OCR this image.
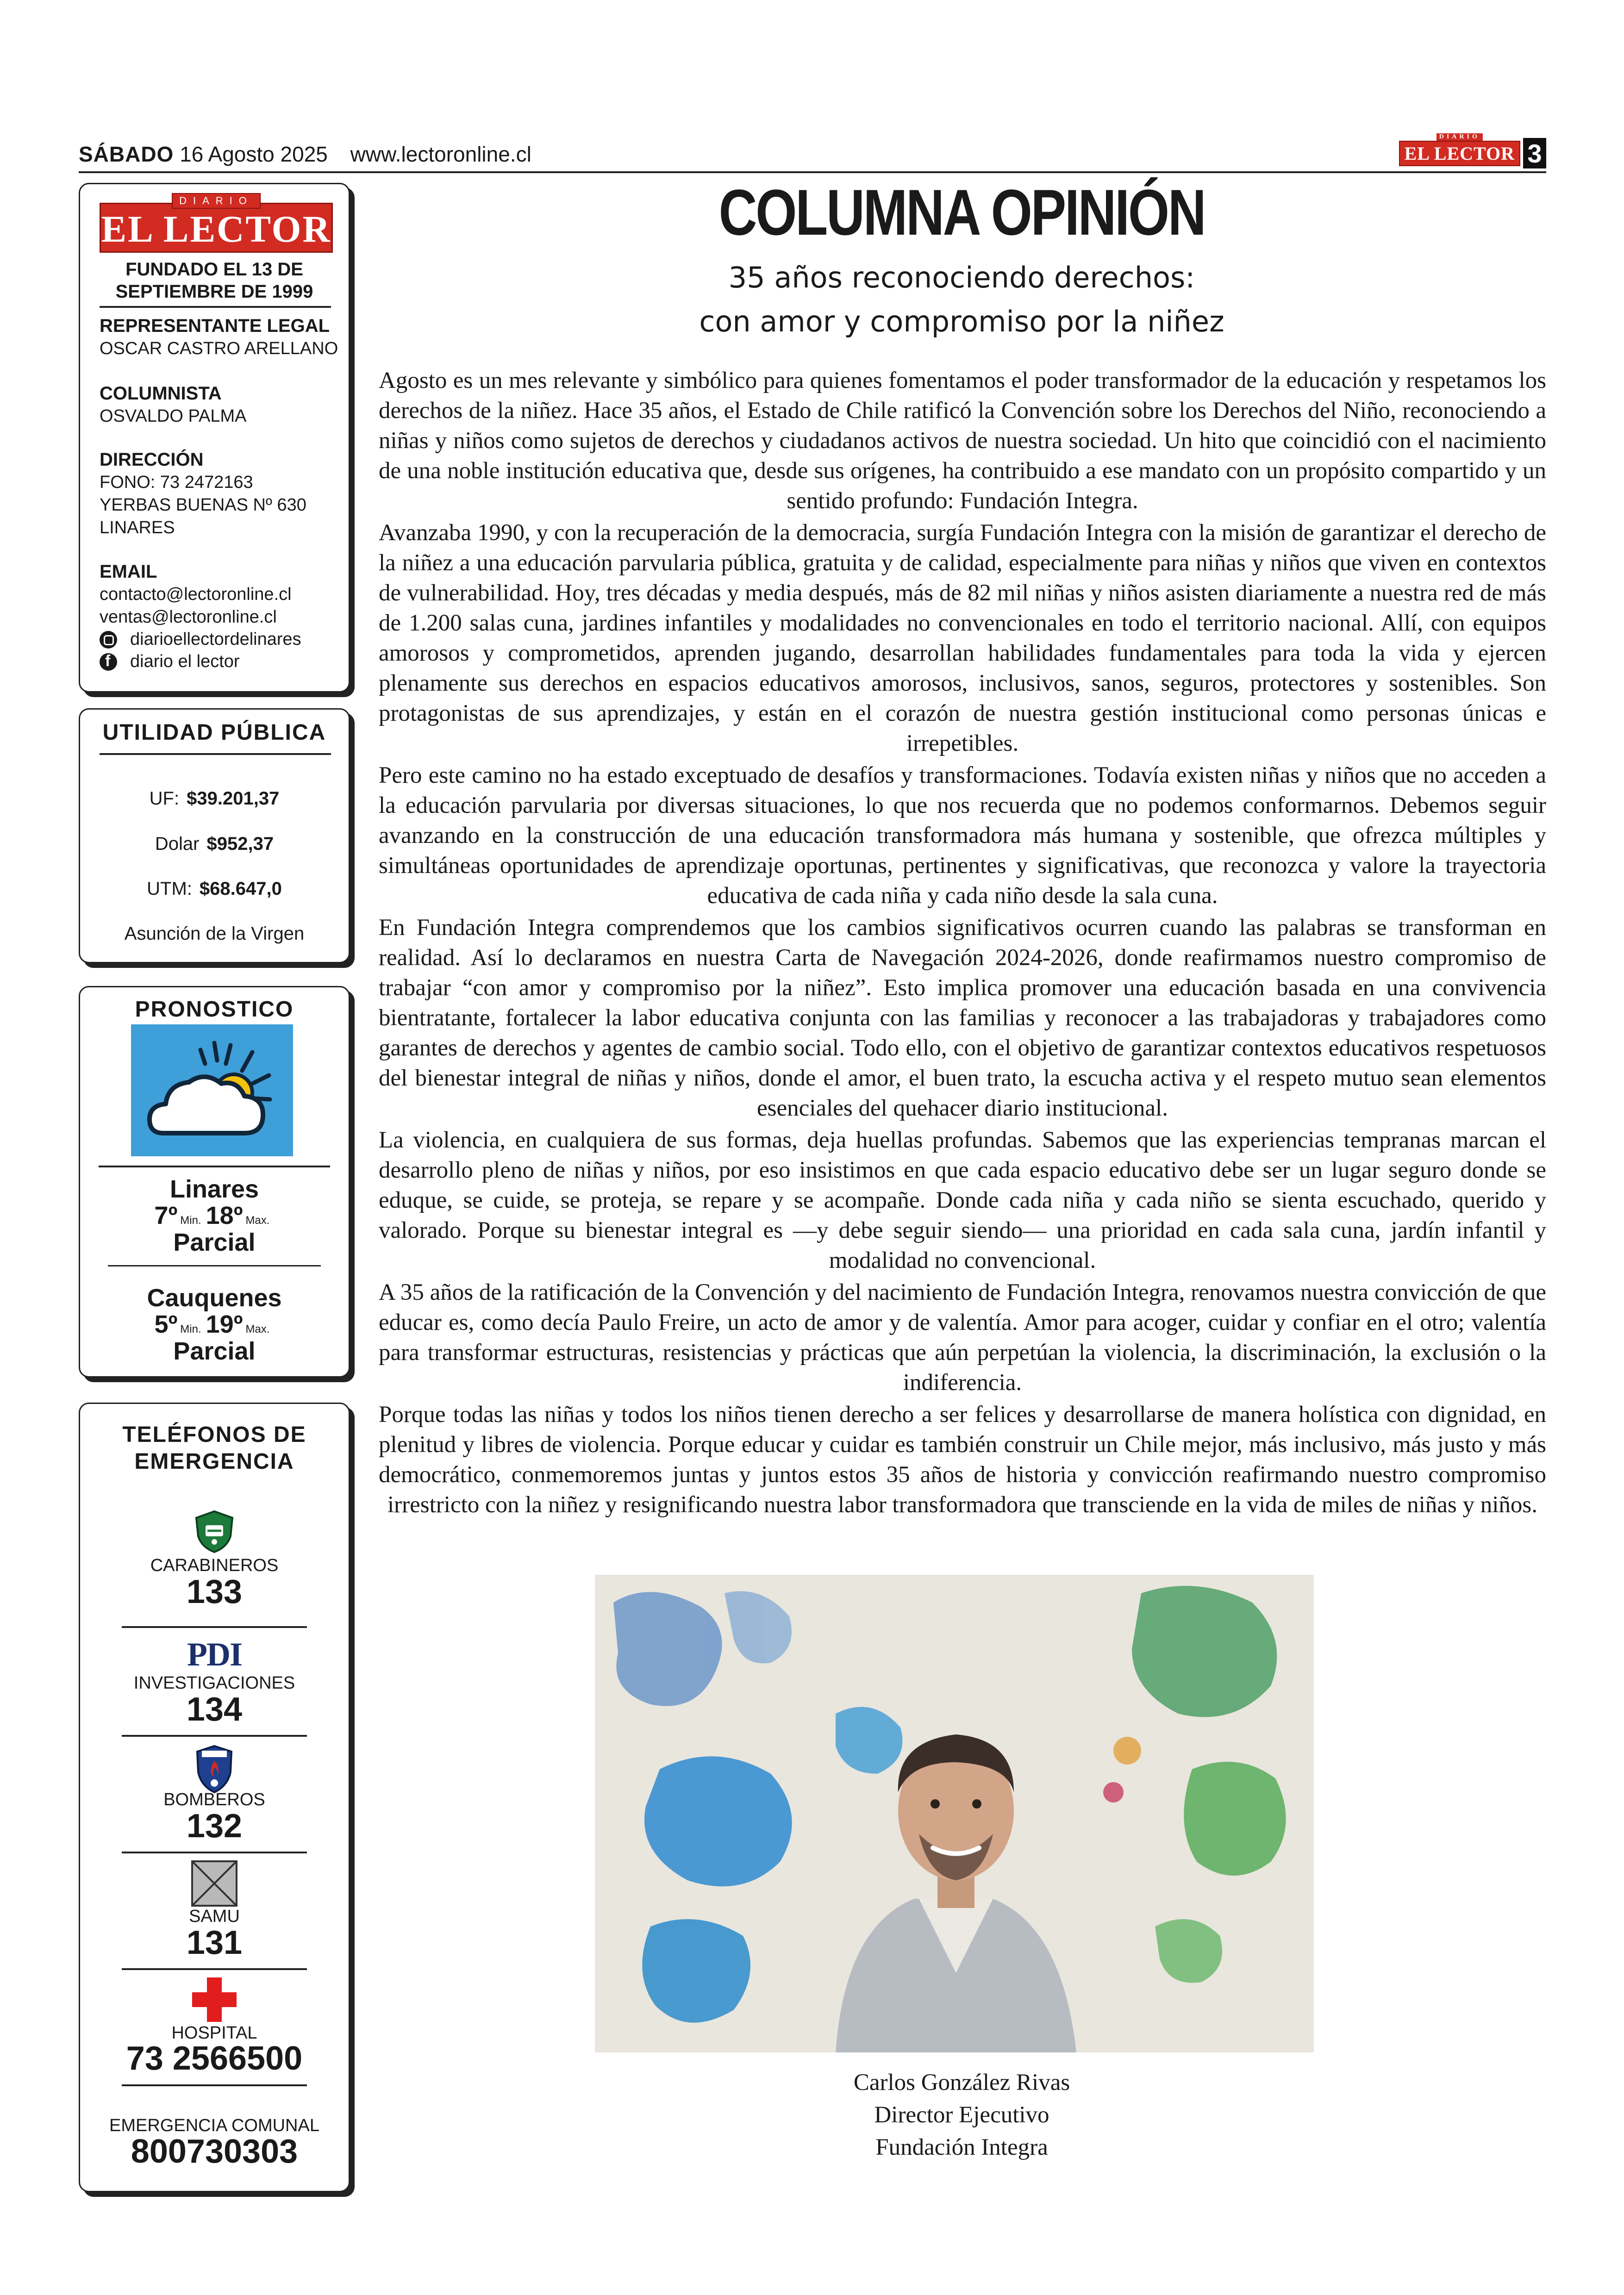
SÁBADO 16 Agosto 2025 www.lectoronline.cl
DIARIO
EL LECTOR 3
DIARIO
EL LECTOR
FUNDADO EL 13 DE
SEPTIEMBRE DE 1999
REPRESENTANTE LEGAL
OSCAR CASTRO ARELLANO
COLUMNISTA
OSVALDO PALMA
DIRECCIÓN
FONO: 73 2472163
YERBAS BUENAS Nº 630
LINARES
EMAIL
contacto@lectoronline.cl
ventas@lectoronline.cl
diarioellectordelinares
f
diario el lector
UTILIDAD PÚBLICA
UF: $39.201,37
Dolar $952,37
UTM: $68.647,0
Asunción de la Virgen
PRONOSTICO
Linares
7º Min. 18º Max.
Parcial
Cauquenes
5º Min. 19º Max.
Parcial
TELÉFONOS DE
EMERGENCIA
CARABINEROS
133
PDI
INVESTIGACIONES
134
BOMBEROS
132
SAMU
131
HOSPITAL
73 2566500
EMERGENCIA COMUNAL
800730303
COLUMNA OPINIÓN
35 años reconociendo derechos:
con amor y compromiso por la niñez

Agosto es un mes relevante y simbólico para quienes fomentamos el poder transformador de la educación y respetamos los derechos de la niñez. Hace 35 años, el Estado de Chile ratificó la Convención sobre los Derechos del Niño, reconociendo a niñas y niños como sujetos de derechos y ciudadanos activos de nuestra sociedad. Un hito que coincidió con el nacimiento de una noble institución educativa que, desde sus orígenes, ha contribuido a ese mandato con un propósito compartido y un sentido profundo: Fundación Integra.

Avanzaba 1990, y con la recuperación de la democracia, surgía Fundación Integra con la misión de garantizar el derecho de la niñez a una educación parvularia pública, gratuita y de calidad, especialmente para niñas y niños que viven en contextos de vulnerabilidad. Hoy, tres décadas y media después, más de 82 mil niñas y niños asisten diariamente a nuestra red de más de 1.200 salas cuna, jardines infantiles y modalidades no convencionales en todo el territorio nacional. Allí, con equipos amorosos y comprometidos, aprenden jugando, desarrollan habilidades fundamentales para toda la vida y ejercen plenamente sus derechos en espacios educativos amorosos, inclusivos, sanos, seguros, protectores y sostenibles. Son protagonistas de sus aprendizajes, y están en el corazón de nuestra gestión institucional como personas únicas e irrepetibles.

Pero este camino no ha estado exceptuado de desafíos y transformaciones. Todavía existen niñas y niños que no acceden a la educación parvularia por diversas situaciones, lo que nos recuerda que no podemos conformarnos. Debemos seguir avanzando en la construcción de una educación transformadora más humana y sostenible, que ofrezca múltiples y simultáneas oportunidades de aprendizaje oportunas, pertinentes y significativas, que reconozca y valore la trayectoria educativa de cada niña y cada niño desde la sala cuna.

En Fundación Integra comprendemos que los cambios significativos ocurren cuando las palabras se transforman en realidad. Así lo declaramos en nuestra Carta de Navegación 2024-2026, donde reafirmamos nuestro compromiso de trabajar “con amor y compromiso por la niñez”. Esto implica promover una educación basada en una convivencia bientratante, fortalecer la labor educativa conjunta con las familias y reconocer a las trabajadoras y trabajadores como garantes de derechos y agentes de cambio social. Todo ello, con el objetivo de garantizar contextos educativos respetuosos del bienestar integral de niñas y niños, donde el amor, el buen trato, la escucha activa y el respeto mutuo sean elementos esenciales del quehacer diario institucional.

La violencia, en cualquiera de sus formas, deja huellas profundas. Sabemos que las experiencias tempranas marcan el desarrollo pleno de niñas y niños, por eso insistimos en que cada espacio educativo debe ser un lugar seguro donde se eduque, se cuide, se proteja, se repare y se acompañe. Donde cada niña y cada niño se sienta escuchado, querido y valorado. Porque su bienestar integral es —y debe seguir siendo— una prioridad en cada sala cuna, jardín infantil y modalidad no convencional.

A 35 años de la ratificación de la Convención y del nacimiento de Fundación Integra, renovamos nuestra convicción de que educar es, como decía Paulo Freire, un acto de amor y de valentía. Amor para acoger, cuidar y confiar en el otro; valentía para transformar estructuras, resistencias y prácticas que aún perpetúan la violencia, la discriminación, la exclusión o la indiferencia.

Porque todas las niñas y todos los niños tienen derecho a ser felices y desarrollarse de manera holística con dignidad, en plenitud y libres de violencia. Porque educar y cuidar es también construir un Chile mejor, más inclusivo, más justo y más democrático, conmemoremos juntas y juntos estos 35 años de historia y convicción reafirmando nuestro compromiso irrestricto con la niñez y resignificando nuestra labor transformadora que transciende en la vida de miles de niñas y niños.

Carlos González Rivas
Director Ejecutivo
Fundación Integra
